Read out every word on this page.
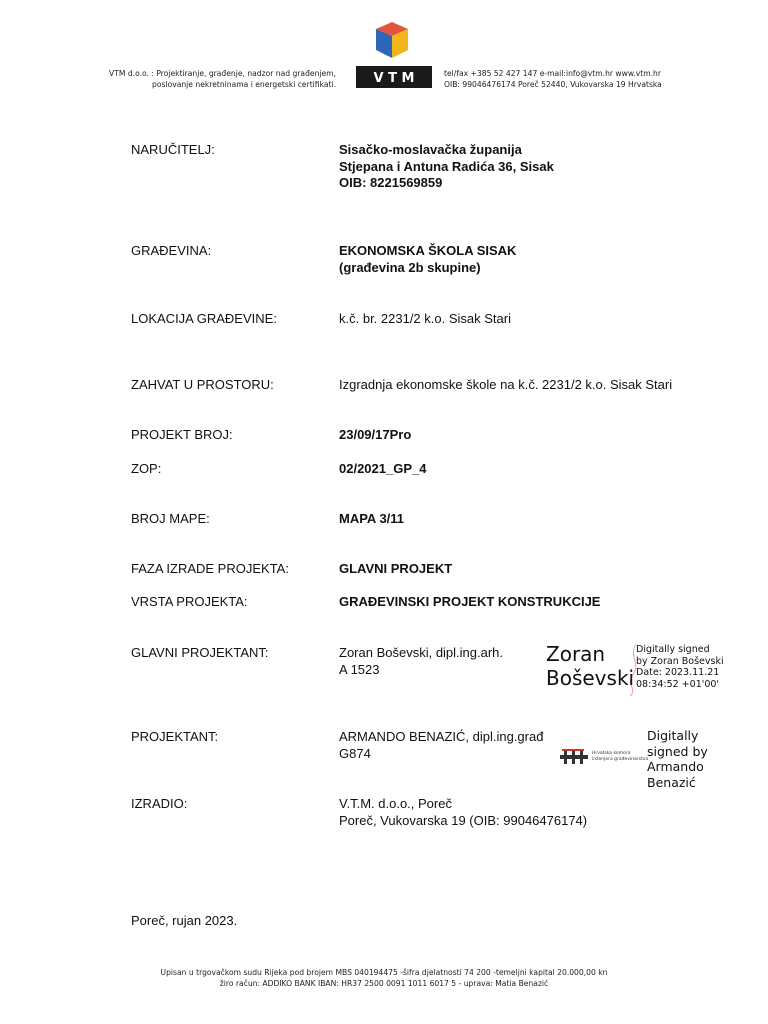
VTM d.o.o. : Projektiranje, građenje, nadzor nad građenjem,
poslovanje nekretninama i energetski certifikati.	V T M	tel/fax +385 52 427 147 e-mail:info@vtm.hr www.vtm.hr
OIB: 99046476174 Poreč 52440, Vukovarska 19 Hrvatska
NARUČITELJ:	Sisačko-moslavačka županija
Stjepana i Antuna Radića 36, Sisak
OIB: 8221569859
GRAĐEVINA:	EKONOMSKA ŠKOLA SISAK
(građevina 2b skupine)
LOKACIJA GRAĐEVINE:	k.č. br. 2231/2 k.o. Sisak Stari
ZAHVAT U PROSTORU:	Izgradnja ekonomske škole na k.č. 2231/2 k.o. Sisak Stari
PROJEKT BROJ:	23/09/17Pro
ZOP:	02/2021_GP_4
BROJ MAPE:	MAPA 3/11
FAZA IZRADE PROJEKTA:	GLAVNI PROJEKT
VRSTA PROJEKTA:	GRAĐEVINSKI PROJEKT KONSTRUKCIJE
GLAVNI PROJEKTANT:	Zoran Boševski, dipl.ing.arh.
A 1523
PROJEKTANT:	ARMANDO BENAZIĆ, dipl.ing.građ
G874
IZRADIO:	V.T.M. d.o.o., Poreč
Poreč, Vukovarska 19 (OIB: 99046476174)
Zoran
Boševski
Digitally signed
by Zoran Boševski
Date: 2023.11.21
08:34:52 +01'00'
Hrvatska komora
inženjera građevinarstva
Digitally
signed by
Armando
Benazić
Poreč, rujan 2023.
Upisan u trgovačkom sudu Rijeka pod brojem MBS 040194475 -šifra djelatnosti 74 200 -temeljni kapital 20.000,00 kn
žiro račun: ADDIKO BANK IBAN: HR37 2500 0091 1011 6017 5 - uprava: Matia Benazić
